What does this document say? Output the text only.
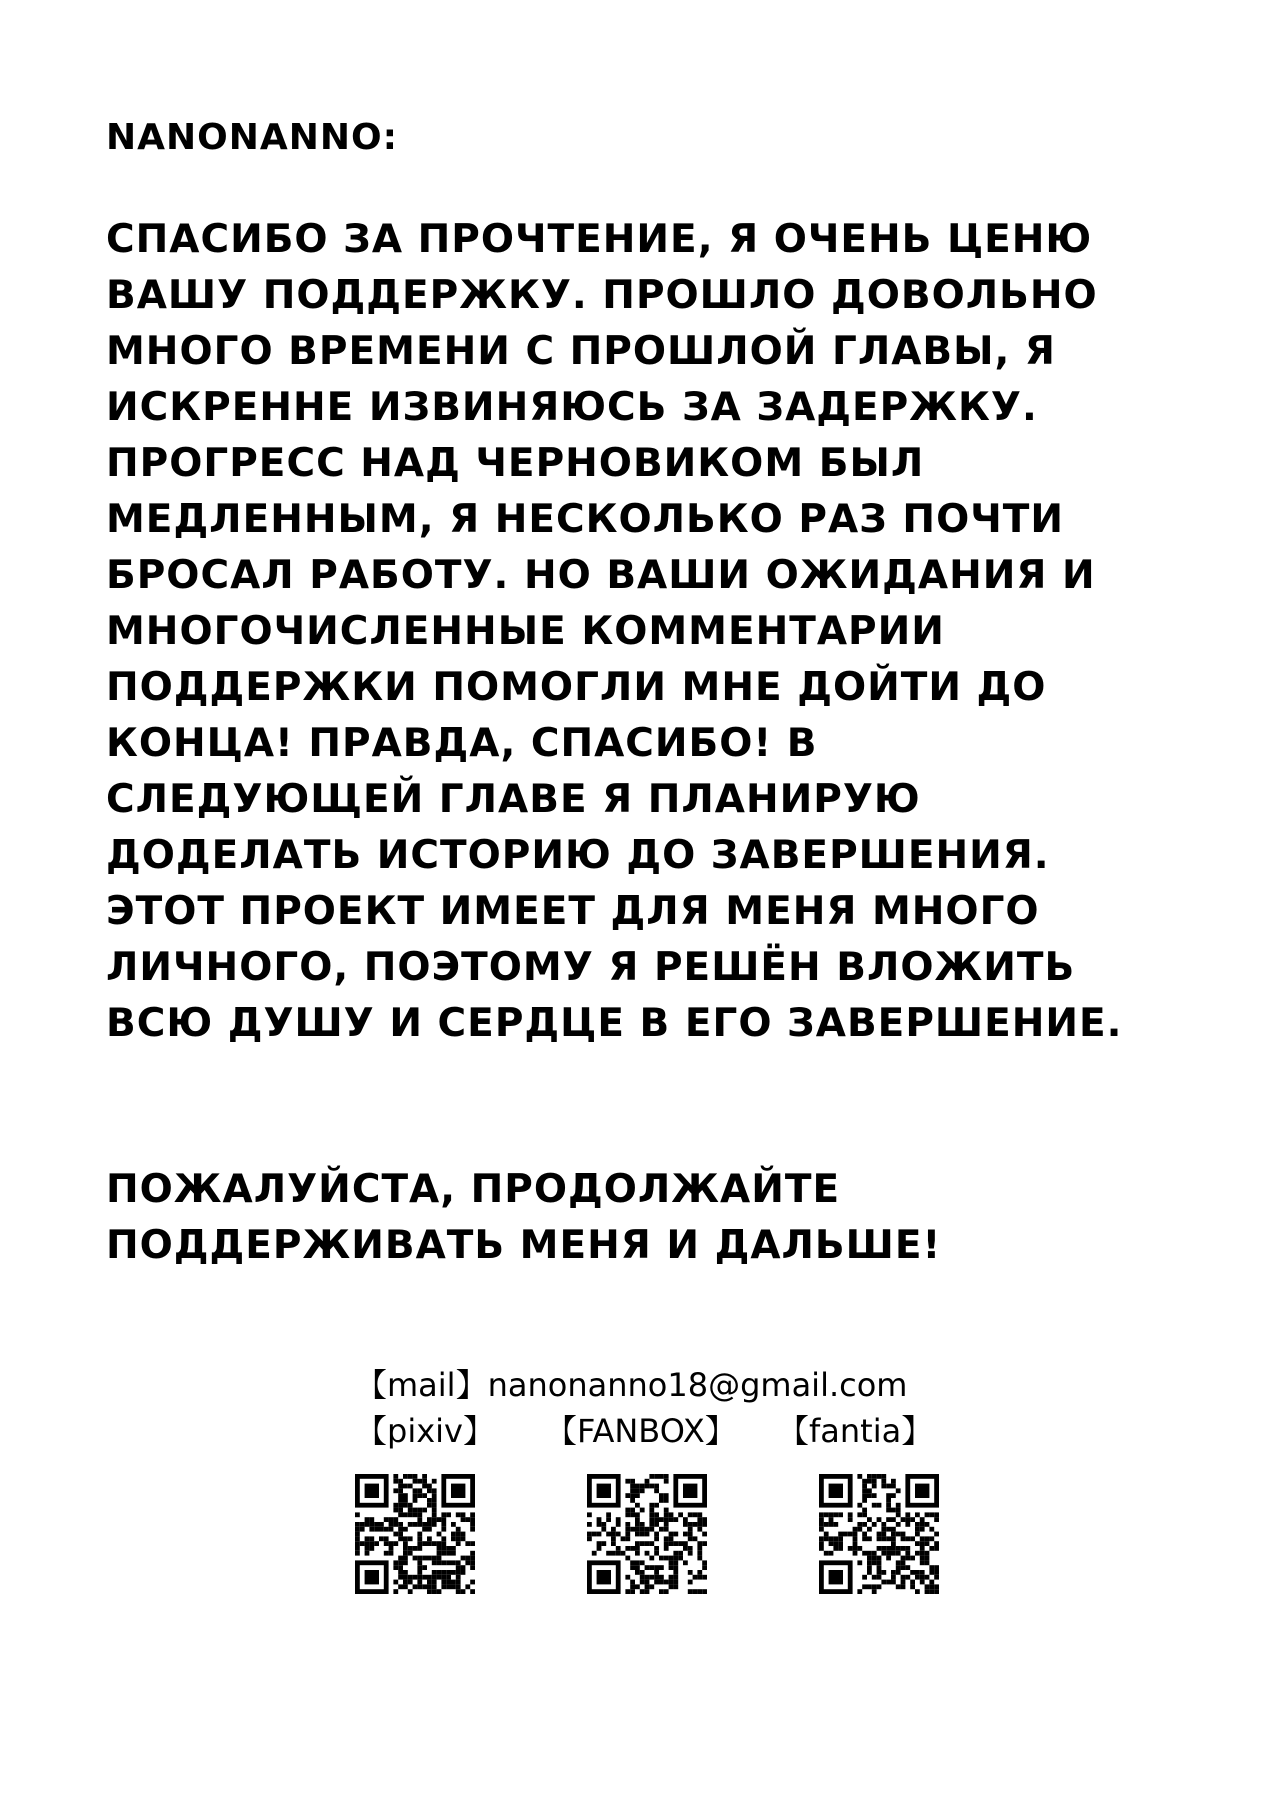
NANONANNO:

СПАСИБО ЗА ПРОЧТЕНИЕ, Я ОЧЕНЬ ЦЕНЮ
ВАШУ ПОДДЕРЖКУ. ПРОШЛО ДОВОЛЬНО
МНОГО ВРЕМЕНИ С ПРОШЛОЙ ГЛАВЫ, Я
ИСКРЕННЕ ИЗВИНЯЮСЬ ЗА ЗАДЕРЖКУ.
ПРОГРЕСС НАД ЧЕРНОВИКОМ БЫЛ
МЕДЛЕННЫМ, Я НЕСКОЛЬКО РАЗ ПОЧТИ
БРОСАЛ РАБОТУ. НО ВАШИ ОЖИДАНИЯ И
МНОГОЧИСЛЕННЫЕ КОММЕНТАРИИ
ПОДДЕРЖКИ ПОМОГЛИ МНЕ ДОЙТИ ДО
КОНЦА! ПРАВДА, СПАСИБО! В
СЛЕДУЮЩЕЙ ГЛАВЕ Я ПЛАНИРУЮ
ДОДЕЛАТЬ ИСТОРИЮ ДО ЗАВЕРШЕНИЯ.
ЭТОТ ПРОЕКТ ИМЕЕТ ДЛЯ МЕНЯ МНОГО
ЛИЧНОГО, ПОЭТОМУ Я РЕШЁН ВЛОЖИТЬ
ВСЮ ДУШУ И СЕРДЦЕ В ЕГО ЗАВЕРШЕНИЕ.
ПОЖАЛУЙСТА, ПРОДОЛЖАЙТЕ
ПОДДЕРЖИВАТЬ МЕНЯ И ДАЛЬШЕ!
【mail】nanonanno18@gmail.com
【pixiv】 【FANBOX】 【fantia】
